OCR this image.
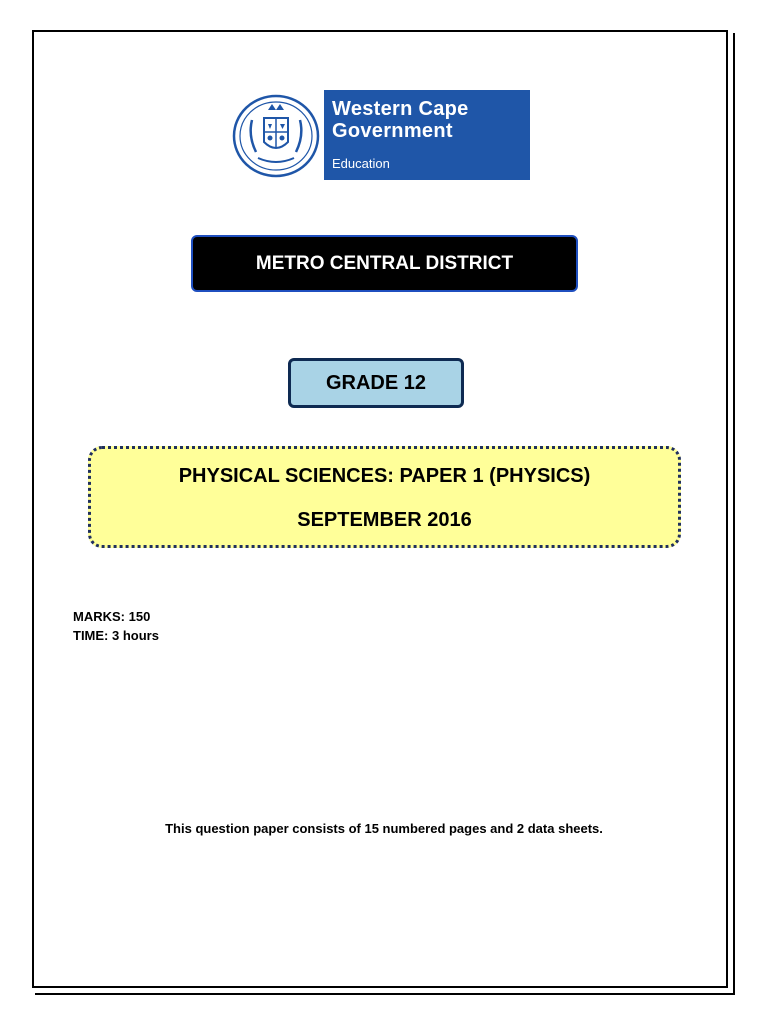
Western Cape
Government
Education
METRO CENTRAL DISTRICT
GRADE 12
PHYSICAL SCIENCES: PAPER 1 (PHYSICS)
SEPTEMBER 2016
MARKS: 150
TIME: 3 hours
This question paper consists of 15 numbered pages and 2 data sheets.
